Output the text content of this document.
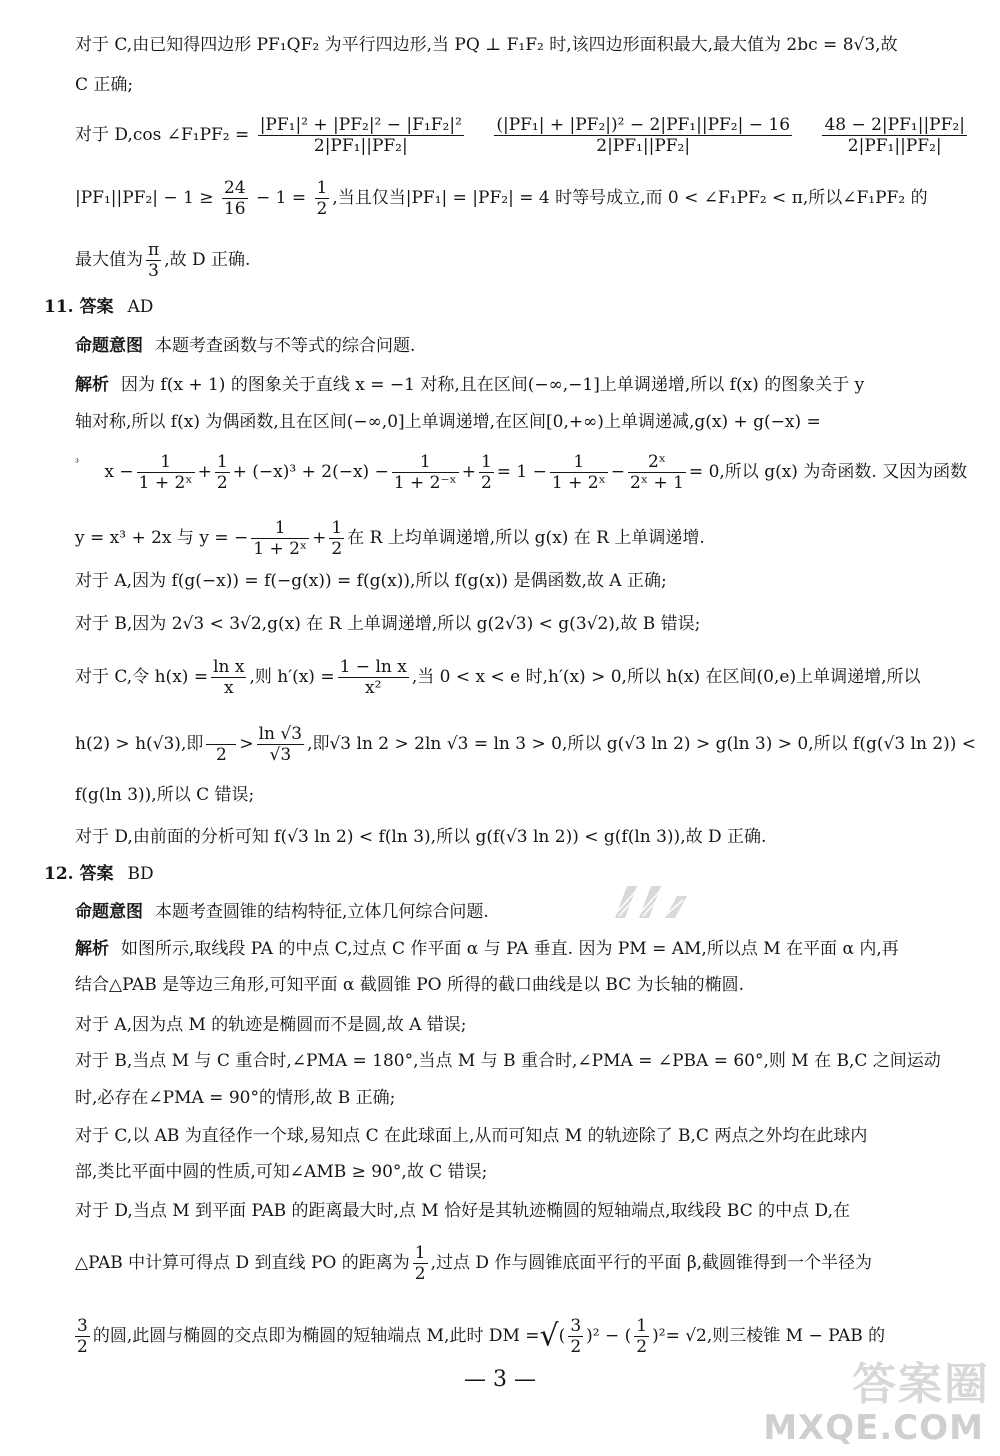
对于 C,由已知得四边形 PF₁QF₂ 为平行四边形,当 PQ ⊥ F₁F₂ 时,该四边形面积最大,最大值为 2bc = 8√3,故
C 正确;
对于 D,cos ∠F₁PF₂ = $\frac{\text{|PF₁|² + |PF₂|² − |F₁F₂|²}}{\text{2|PF₁||PF₂|}}$
$\frac{\text{(|PF₁| + |PF₂|)² − 2|PF₁||PF₂| − 16}}{\text{2|PF₁||PF₂|}}$
$\frac{\text{48 − 2|PF₁||PF₂|}}{\text{2|PF₁||PF₂|}}$
$|PF_1||PF_2| - 1 \ge \frac{24}{16} - 1 = \frac{1}{2}$ ,当且仅当|PF₁| = |PF₂| = 4 时等号成立,而 0 < ∠F₁PF₂ < π,所以∠F₁PF₂ 的
最大值为 $\frac{\pi}{3}$ ,故 D 正确.
11. 答案 AD
命题意图 本题考查函数与不等式的综合问题.
解析 因为 f(x + 1) 的图象关于直线 x = −1 对称,且在区间(−∞,−1]上单调递增,所以 f(x) 的图象关于 y
轴对称,所以 f(x) 为偶函数,且在区间(−∞,0]上单调递增,在区间[0,+∞)上单调递减,g(x) + g(−x) =
$^{^3}$ $x - \frac{1}{\text{1 + 2ˣ}} + \frac{1}{2} + (-x)^3 + 2(-x) - \frac{1}{\text{1 + 2⁻ˣ}} + \frac{1}{2} = 1 - \frac{1}{\text{1 + 2ˣ}} - \frac{\text{2ˣ}}{\text{2ˣ + 1}} = 0$,所以 g(x) 为奇函数. 又因为函数
y = x³ + 2x 与 y = − $\frac{1}{\text{1 + 2ˣ}} + \frac{1}{2}$ 在 R 上均单调递增,所以 g(x) 在 R 上单调递增.
对于 A,因为 f(g(−x)) = f(−g(x)) = f(g(x)),所以 f(g(x)) 是偶函数,故 A 正确;
对于 B,因为 2√3 < 3√2,g(x) 在 R 上单调递增,所以 g(2√3) < g(3√2),故 B 错误;
对于 C,令 $h(x) = \frac{\text{ln x}}{x}$ ,则 $h'(x) = \frac{\text{1 − ln x}}{\text{x²}}$ ,当 0 < x < e 时,h′(x) > 0,所以 h(x) 在区间(0,e)上单调递增,所以
h(2) > h(√3),即

2
> $\frac{\ln √3}{√3}$ ,即√3 ln 2 > 2ln √3 = ln 3 > 0,所以 g(√3 ln 2) > g(ln 3) > 0,所以 f(g(√3 ln 2)) <
f(g(ln 3)),所以 C 错误;
对于 D,由前面的分析可知 f(√3 ln 2) < f(ln 3),所以 g(f(√3 ln 2)) < g(f(ln 3)),故 D 正确.
12. 答案 BD
命题意图 本题考查圆锥的结构特征,立体几何综合问题.
解析 如图所示,取线段 PA 的中点 C,过点 C 作平面 α 与 PA 垂直. 因为 PM = AM,所以点 M 在平面 α 内,再
结合△PAB 是等边三角形,可知平面 α 截圆锥 PO 所得的截口曲线是以 BC 为长轴的椭圆.
对于 A,因为点 M 的轨迹是椭圆而不是圆,故 A 错误;
对于 B,当点 M 与 C 重合时,∠PMA = 180°,当点 M 与 B 重合时,∠PMA = ∠PBA = 60°,则 M 在 B,C 之间运动
时,必存在∠PMA = 90°的情形,故 B 正确;
对于 C,以 AB 为直径作一个球,易知点 C 在此球面上,从而可知点 M 的轨迹除了 B,C 两点之外均在此球内
部,类比平面中圆的性质,可知∠AMB ≥ 90°,故 C 错误;
对于 D,当点 M 到平面 PAB 的距离最大时,点 M 恰好是其轨迹椭圆的短轴端点,取线段 BC 的中点 D,在
△PAB 中计算可得点 D 到直线 PO 的距离为 $\frac{1}{2}$ ,过点 D 作与圆锥底面平行的平面 β,截圆锥得到一个半径为
$\frac{3}{2}$ 的圆,此圆与椭圆的交点即为椭圆的短轴端点 M,此时 DM =√( $\frac{3}{2} )^2$ − ( $\frac{1}{2} )^2= √2$,则三棱锥 M − PAB 的
— 3 —	答案圈
MXQE.COM
